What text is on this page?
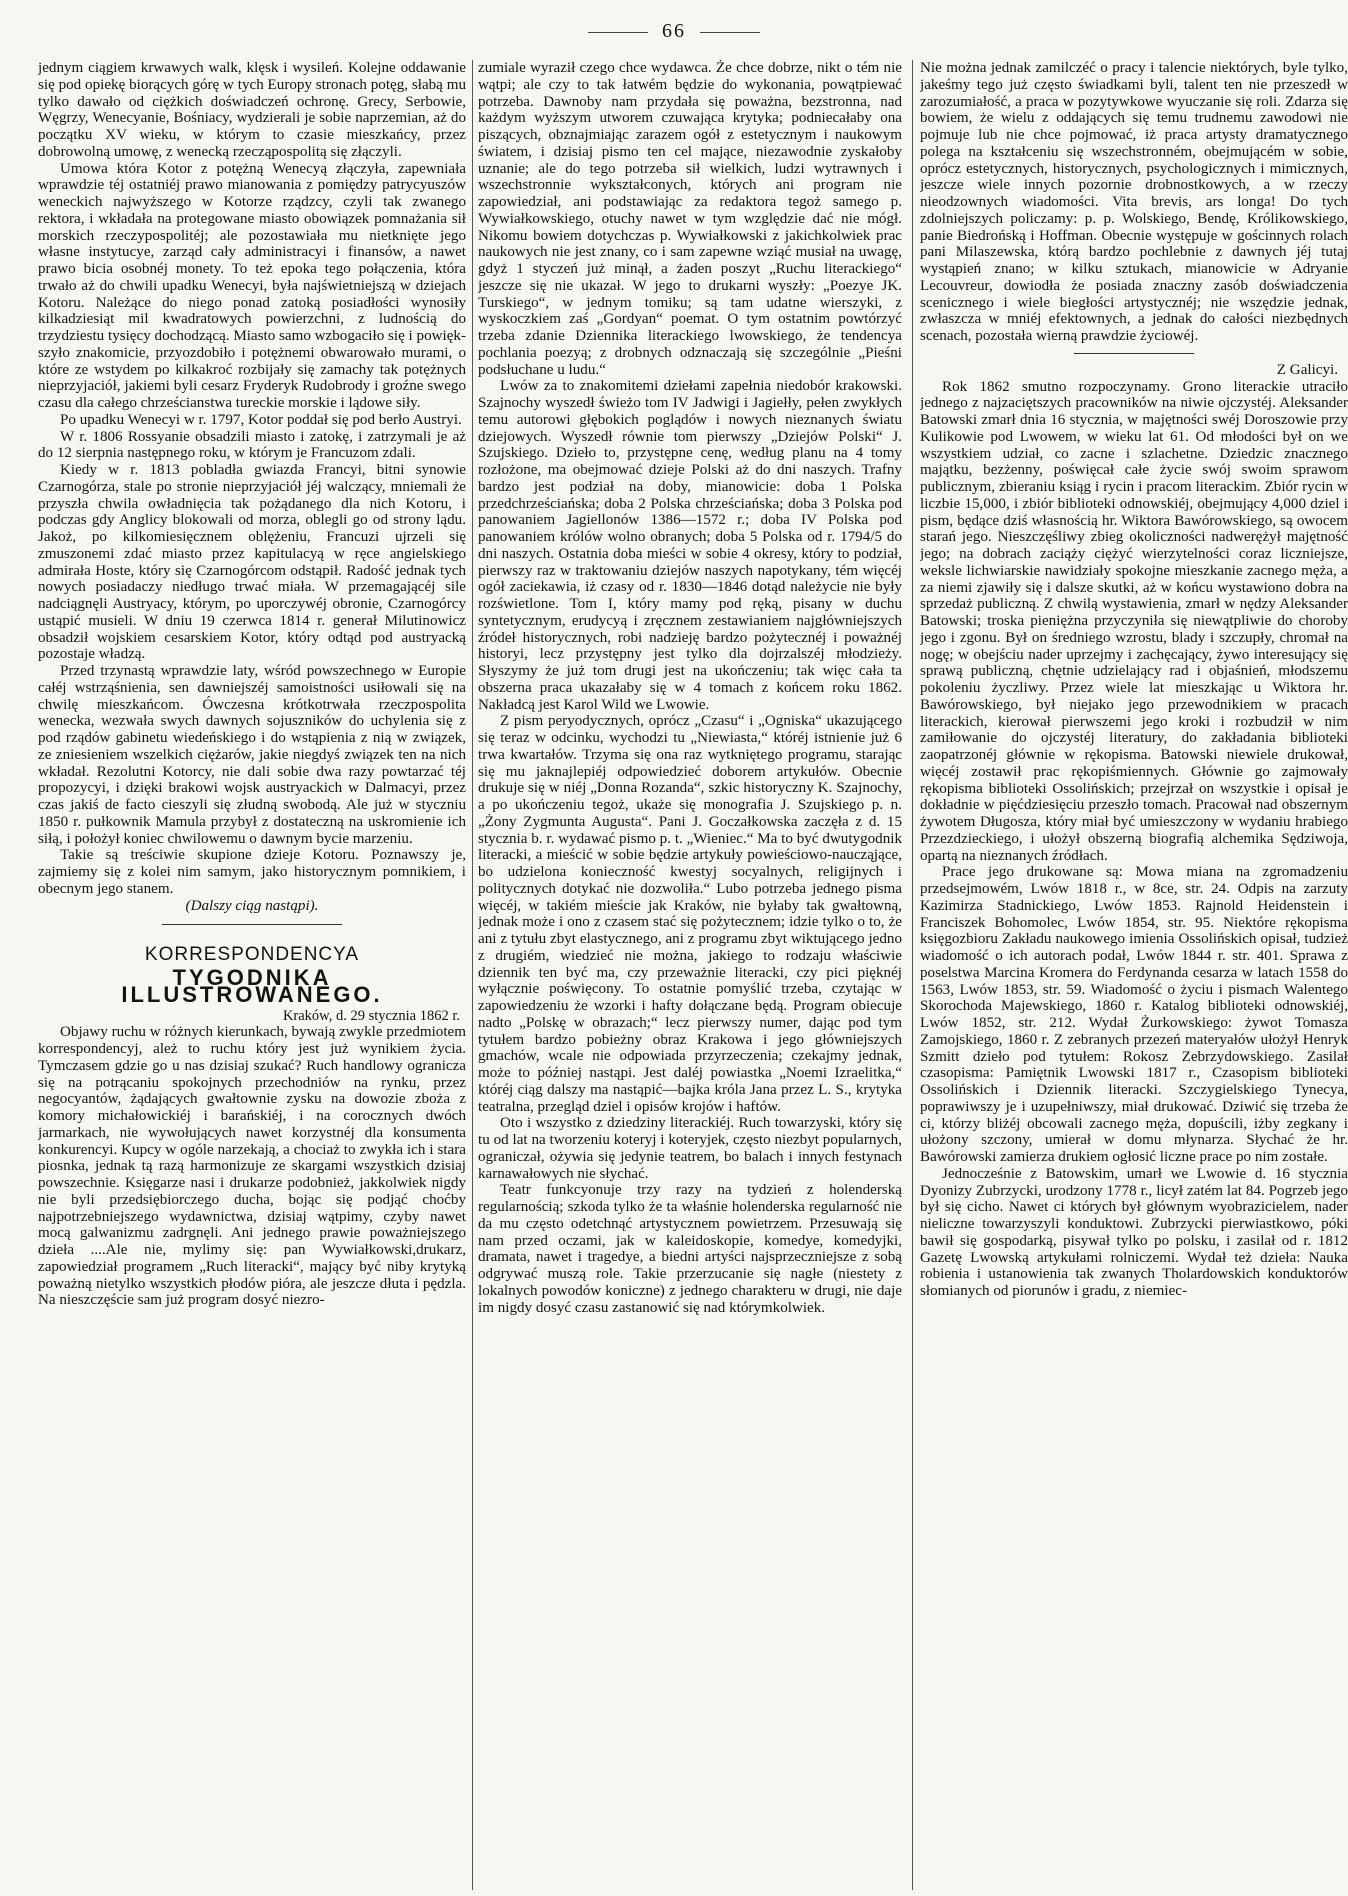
66

jednym ciągiem krwawych walk, klęsk i wysileń. Kolejne oddawanie się pod opiekę biorących górę w tych Europy stronach potęg, słabą mu tylko dawało od ciężkich doświadczeń ochronę. Grecy, Serbowie, Węgrzy, Wenecyanie, Bośniacy, wydzierali je sobie naprzemian, aż do początku XV wieku, w którym to czasie mieszkańcy, przez dobrowolną umowę, z wenecką rzecząpospolitą się złączyli.

Umowa która Kotor z potężną Wenecyą złączyła, zapewniała wprawdzie téj ostatniéj prawo mianowania z pomiędzy patrycyuszów weneckich najwyższego w Kotorze rządzcy, czyli tak zwanego rektora, i wkładała na protegowane miasto obowiązek pomnażania sił morskich rzeczypospolitéj; ale pozostawiała mu nietknięte jego własne instytucye, zarząd cały administracyi i finansów, a nawet prawo bicia osobnéj monety. To też epoka tego połączenia, która trwało aż do chwili upadku Wenecyi, była najświetniejszą w dziejach Kotoru. Należące do niego ponad zatoką posiadłości wynosiły kilkadziesiąt mil kwadratowych powierzchni, z ludnością do trzydziestu tysięcy dochodzącą. Miasto samo wzbogaciło się i powiększyło znakomicie, przyozdobiło i potężnemi obwarowało murami, o które ze wstydem po kilkakroć rozbijały się zamachy tak potężnych nieprzyjaciół, jakiemi byli cesarz Fryderyk Rudobrody i groźne swego czasu dla całego chrześcianstwa tureckie morskie i lądowe siły.

Po upadku Wenecyi w r. 1797, Kotor poddał się pod berło Austryi.

W r. 1806 Rossyanie obsadzili miasto i zatokę, i zatrzymali je aż do 12 sierpnia następnego roku, w którym je Francuzom zdali.

Kiedy w r. 1813 pobladła gwiazda Francyi, bitni synowie Czarnogórza, stale po stronie nieprzyjaciół jéj walczący, mniemali że przyszła chwila owładnięcia tak pożądanego dla nich Kotoru, i podczas gdy Anglicy blokowali od morza, oblegli go od strony lądu. Jakoż, po kilkomiesięcznem oblężeniu, Francuzi ujrzeli się zmuszonemi zdać miasto przez kapitulacyą w ręce angielskiego admirała Hoste, który się Czarnogórcom odstąpił. Radość jednak tych nowych posiadaczy niedługo trwać miała. W przemagającéj sile nadciągnęli Austryacy, którym, po uporczywéj obronie, Czarnogórcy ustąpić musieli. W dniu 19 czerwca 1814 r. generał Milutinowicz obsadził wojskiem cesarskiem Kotor, który odtąd pod austryacką pozostaje władzą.

Przed trzynastą wprawdzie laty, wśród powszechnego w Europie całéj wstrząśnienia, sen dawniejszéj samoistności usiłowali się na chwilę mieszkańcom. Ówczesna krótkotrwała rzeczpospolita wenecka, wezwała swych dawnych sojuszników do uchylenia się z pod rządów gabinetu wiedeńskiego i do wstąpienia z nią w związek, ze zniesieniem wszelkich ciężarów, jakie niegdyś związek ten na nich wkładał. Rezolutni Kotorcy, nie dali sobie dwa razy powtarzać téj propozycyi, i dzięki brakowi wojsk austryackich w Dalmacyi, przez czas jakiś de facto cieszyli się złudną swobodą. Ale już w styczniu 1850 r. pułkownik Mamula przybył z dostateczną na uskromienie ich siłą, i położył koniec chwilowemu o dawnym bycie marzeniu.

Takie są treściwie skupione dzieje Kotoru. Poznawszy je, zajmiemy się z kolei nim samym, jako historycznym pomnikiem, i obecnym jego stanem.

(Dalszy ciąg nastąpi).

KORRESPONDENCYA
TYGODNIKA ILLUSTROWANEGO.
Kraków, d. 29 stycznia 1862 r.

Objawy ruchu w różnych kierunkach, bywają zwykle przedmiotem korrespondencyj, ależ to ruchu który jest już wynikiem życia. Tymczasem gdzie go u nas dzisiaj szukać? Ruch handlowy ogranicza się na potrącaniu spokojnych przechodniów na rynku, przez negocyantów, żądających gwałtownie zysku na dowozie zboża z komory michałowickiéj i barańskiéj, i na corocznych dwóch jarmarkach, nie wywołujących nawet korzystnéj dla konsumenta konkurencyi. Kupcy w ogóle narzekają, a chociaż to zwykła ich i stara piosnka, jednak tą razą harmonizuje ze skargami wszystkich dzisiaj powszechnie. Księgarze nasi i drukarze podobnież, jakkolwiek nigdy nie byli przedsiębiorczego ducha, bojąc się podjąć choćby najpotrzebniejszego wydawnictwa, dzisiaj wątpimy, czyby nawet mocą galwanizmu zadrgnęli. Ani jednego prawie poważniejszego dzieła ....Ale nie, mylimy się: pan Wywiałkowski,drukarz, zapowiedział programem „Ruch literacki“, mający być niby krytyką poważną nietylko wszystkich płodów pióra, ale jeszcze dłuta i pędzla. Na nieszczęście sam już program dosyć niezro-

zumiale wyraził czego chce wydawca. Że chce dobrze, nikt o tém nie wątpi; ale czy to tak łatwém będzie do wykonania, powątpiewać potrzeba. Dawnoby nam przydała się poważna, bezstronna, nad każdym wyższym utworem czuwająca krytyka; podniecałaby ona piszących, obznajmiając zarazem ogół z estetycznym i naukowym światem, i dzisiaj pismo ten cel mające, niezawodnie zyskałoby uznanie; ale do tego potrzeba sił wielkich, ludzi wytrawnych i wszechstronnie wykształconych, których ani program nie zapowiedział, ani podstawiając za redaktora tegoż samego p. Wywiałkowskiego, otuchy nawet w tym względzie dać nie mógł. Nikomu bowiem dotychczas p. Wywiałkowski z jakichkolwiek prac naukowych nie jest znany, co i sam zapewne wziąć musiał na uwagę, gdyż 1 styczeń już minął, a żaden poszyt „Ruchu literackiego“ jeszcze się nie ukazał. W jego to drukarni wyszły: „Poezye JK. Turskiego“, w jednym tomiku; są tam udatne wierszyki, z wyskoczkiem zaś „Gordyan“ poemat. O tym ostatnim powtórzyć trzeba zdanie Dziennika literackiego lwowskiego, że tendencya pochlania poezyą; z drobnych odznaczają się szczególnie „Pieśni podsłuchane u ludu.“

Lwów za to znakomitemi dziełami zapełnia niedobór krakowski. Szajnochy wyszedł świeżo tom IV Jadwigi i Jagiełły, pełen zwykłych temu autorowi głębokich poglądów i nowych nieznanych światu dziejowych. Wyszedł równie tom pierwszy „Dziejów Polski“ J. Szujskiego. Dzieło to, przystępne cenę, według planu na 4 tomy rozłożone, ma obejmować dzieje Polski aż do dni naszych. Trafny bardzo jest podział na doby, mianowicie: doba 1 Polska przedchrześciańska; doba 2 Polska chrześciańska; doba 3 Polska pod panowaniem Jagiellonów 1386—1572 r.; doba IV Polska pod panowaniem królów wolno obranych; doba 5 Polska od r. 1794/5 do dni naszych. Ostatnia doba mieści w sobie 4 okresy, który to podział, pierwszy raz w traktowaniu dziejów naszych napotykany, tém więcéj ogół zaciekawia, iż czasy od r. 1830—1846 dotąd należycie nie były rozświetlone. Tom I, który mamy pod ręką, pisany w duchu syntetycznym, erudycyą i zręcznem zestawianiem najgłówniejszych źródeł historycznych, robi nadzieję bardzo pożytecznéj i poważnéj historyi, lecz przystępny jest tylko dla dojrzalszéj młodzieży. Słyszymy że już tom drugi jest na ukończeniu; tak więc cała ta obszerna praca ukazałaby się w 4 tomach z końcem roku 1862. Nakładcą jest Karol Wild we Lwowie.

Z pism peryodycznych, oprócz „Czasu“ i „Ogniska“ ukazującego się teraz w odcinku, wychodzi tu „Niewiasta,“ któréj istnienie już 6 trwa kwartałów. Trzyma się ona raz wytkniętego programu, starając się mu jaknajlepiéj odpowiedzieć doborem artykułów. Obecnie drukuje się w niéj „Donna Rozanda“, szkic historyczny K. Szajnochy, a po ukończeniu tegoż, ukaże się monografia J. Szujskiego p. n. „Żony Zygmunta Augusta“. Pani J. Goczałkowska zaczęła z d. 15 stycznia b. r. wydawać pismo p. t. „Wieniec.“ Ma to być dwutygodnik literacki, a mieścić w sobie będzie artykuły powieściowo-naucząjące, bo udzielona konieczność kwestyj socyalnych, religijnych i politycznych dotykać nie dozwoliła.“ Lubo potrzeba jednego pisma więcéj, w takiém mieście jak Kraków, nie byłaby tak gwałtowną, jednak może i ono z czasem stać się pożytecznem; idzie tylko o to, że ani z tytułu zbyt elastycznego, ani z programu zbyt wiktującego jedno z drugiém, wiedzieć nie można, jakiego to rodzaju właściwie dziennik ten być ma, czy przeważnie literacki, czy pici pięknéj wyłącznie poświęcony. To ostatnie pomyślić trzeba, czytając w zapowiedzeniu że wzorki i hafty dołączane będą. Program obiecuje nadto „Polskę w obrazach;“ lecz pierwszy numer, dając pod tym tytułem bardzo pobieżny obraz Krakowa i jego główniejszych gmachów, wcale nie odpowiada przyrzeczenia; czekajmy jednak, może to później nastąpi. Jest daléj powiastka „Noemi Izraelitka,“ któréj ciąg dalszy ma nastąpić—bajka króla Jana przez L. S., krytyka teatralna, przegląd dziel i opisów krojów i haftów.

Oto i wszystko z dziedziny literackiéj. Ruch towarzyski, który się tu od lat na tworzeniu koteryj i koteryjek, często niezbyt popularnych, ograniczał, ożywia się jedynie teatrem, bo balach i innych festynach karnawałowych nie słychać.

Teatr funkcyonuje trzy razy na tydzień z holenderską regularnością; szkoda tylko że ta właśnie holenderska regularność nie da mu często odetchnąć artystycznem powietrzem. Przesuwają się nam przed oczami, jak w kaleidoskopie, komedye, komedyjki, dramata, nawet i tragedye, a biedni artyści najsprzeczniejsze z sobą odgrywać muszą role. Takie przerzucanie się nagłe (niestety z lokalnych powodów koniczne) z jednego charakteru w drugi, nie daje im nigdy dosyć czasu zastanowić się nad którymkolwiek.

Nie można jednak zamilczéć o pracy i talencie niektórych, byle tylko, jakeśmy tego już często świadkami byli, talent ten nie przeszedł w zarozumiałość, a praca w pozytywkowe wyuczanie się roli. Zdarza się bowiem, że wielu z oddających się temu trudnemu zawodowi nie pojmuje lub nie chce pojmować, iż praca artysty dramatycznego polega na kształceniu się wszechstronném, obejmującém w sobie, oprócz estetycznych, historycznych, psychologicznych i mimicznych, jeszcze wiele innych pozornie drobnostkowych, a w rzeczy nieodzownych wiadomości. Vita brevis, ars longa! Do tych zdolniejszych policzamy: p. p. Wolskiego, Bendę, Królikowskiego, panie Biedrońską i Hoffman. Obecnie występuje w gościnnych rolach pani Milaszewska, którą bardzo pochlebnie z dawnych jéj tutaj wystąpień znano; w kilku sztukach, mianowicie w Adryanie Lecouvreur, dowiodła że posiada znaczny zasób doświadczenia scenicznego i wiele biegłości artystycznéj; nie wszędzie jednak, zwłaszcza w mniéj efektownych, a jednak do całości niezbędnych scenach, pozostała wierną prawdzie życiowéj.

Z Galicyi.

Rok 1862 smutno rozpoczynamy. Grono literackie utraciło jednego z najzaciętszych pracowników na niwie ojczystéj. Aleksander Batowski zmarł dnia 16 stycznia, w majętności swéj Doroszowie przy Kulikowie pod Lwowem, w wieku lat 61. Od młodości był on we wszystkiem udział, co zacne i szlachetne. Dziedzic znacznego majątku, bezżenny, poświęcał całe życie swój swoim sprawom publicznym, zbieraniu ksiąg i rycin i pracom literackim. Zbiór rycin w liczbie 15,000, i zbiór biblioteki odnowskiéj, obejmujący 4,000 dziel i pism, będące dziś własnością hr. Wiktora Bawórowskiego, są owocem starań jego. Nieszczęśliwy zbieg okoliczności nadwerężył majętność jego; na dobrach zaciąży ciężyć wierzytelności coraz liczniejsze, weksle lichwiarskie nawidziały spokojne mieszkanie zacnego męża, a za niemi zjawiły się i dalsze skutki, aż w końcu wystawiono dobra na sprzedaż publiczną. Z chwilą wystawienia, zmarł w nędzy Aleksander Batowski; troska pieniężna przyczyniła się niewątpliwie do choroby jego i zgonu. Był on średniego wzrostu, blady i szczupły, chromał na nogę; w obejściu nader uprzejmy i zachęcający, żywo interesujący się sprawą publiczną, chętnie udzielający rad i objaśnień, młodszemu pokoleniu życzliwy. Przez wiele lat mieszkając u Wiktora hr. Bawórowskiego, był niejako jego przewodnikiem w pracach literackich, kierował pierwszemi jego kroki i rozbudził w nim zamiłowanie do ojczystéj literatury, do zakładania biblioteki zaopatrzonéj głównie w rękopisma. Batowski niewiele drukował, więcéj zostawił prac rękopiśmiennych. Głównie go zajmowały rękopisma biblioteki Ossolińskich; przejrzał on wszystkie i opisał je dokładnie w pięćdziesięciu przeszło tomach. Pracował nad obszernym żywotem Długosza, który miał być umieszczony w wydaniu hrabiego Przezdzieckiego, i ułożył obszerną biografią alchemika Sędziwoja, opartą na nieznanych źródłach.

Prace jego drukowane są: Mowa miana na zgromadzeniu przedsejmowém, Lwów 1818 r., w 8ce, str. 24. Odpis na zarzuty Kazimirza Stadnickiego, Lwów 1853. Rajnold Heidenstein i Franciszek Bohomolec, Lwów 1854, str. 95. Niektóre rękopisma księgozbioru Zakładu naukowego imienia Ossolińskich opisał, tudzież wiadomość o ich autorach podał, Lwów 1844 r. str. 401. Sprawa z poselstwa Marcina Kromera do Ferdynanda cesarza w latach 1558 do 1563, Lwów 1853, str. 59. Wiadomość o życiu i pismach Walentego Skorochoda Majewskiego, 1860 r. Katalog biblioteki odnowskiéj, Lwów 1852, str. 212. Wydał Żurkowskiego: żywot Tomasza Zamojskiego, 1860 r. Z zebranych przezeń materyałów ułożył Henryk Szmitt dzieło pod tytułem: Rokosz Zebrzydowskiego. Zasilał czasopisma: Pamiętnik Lwowski 1817 r., Czasopism biblioteki Ossolińskich i Dziennik literacki. Szczygielskiego Tynecya, poprawiwszy je i uzupełniwszy, miał drukować. Dziwić się trzeba że ci, którzy bliżéj obcowali zacnego męża, dopuścili, iżby zegkany i ułożony szczony, umierał w domu młynarza. Słychać że hr. Bawórowski zamierza drukiem ogłosić liczne prace po nim zostałe.

Jednocześnie z Batowskim, umarł we Lwowie d. 16 stycznia Dyonizy Zubrzycki, urodzony 1778 r., licył zatém lat 84. Pogrzeb jego był się cicho. Nawet ci których był głównym wyobrazicielem, nader nieliczne towarzyszyli konduktowi. Zubrzycki pierwiastkowo, póki bawił się gospodarką, pisywał tylko po polsku, i zasilał od r. 1812 Gazetę Lwowską artykułami rolniczemi. Wydał też dzieła: Nauka robienia i ustanowienia tak zwanych Tholardowskich konduktorów słomianych od piorunów i gradu, z niemiec-
